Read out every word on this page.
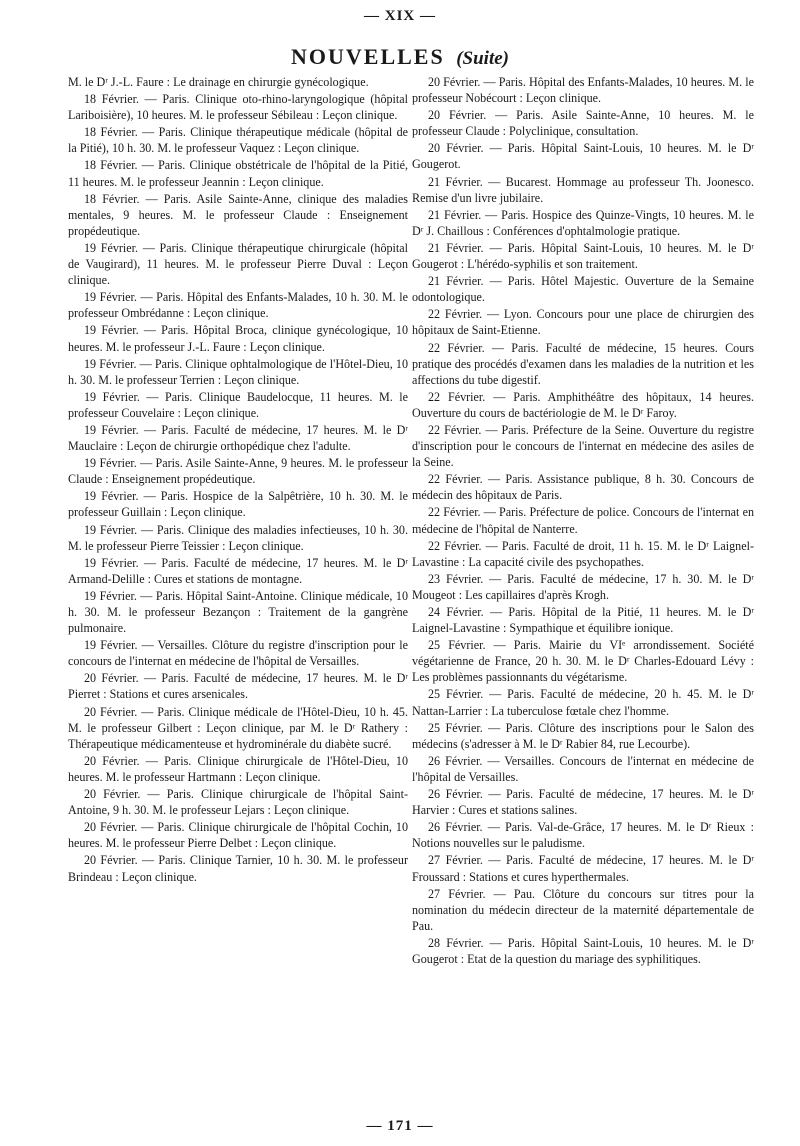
— XIX —
NOUVELLES (Suite)

M. le Dʳ J.-L. Faure : Le drainage en chirurgie gynécologique.

18 Février. — Paris. Clinique oto-rhino-laryngologique (hôpital Lariboisière), 10 heures. M. le professeur Sébileau : Leçon clinique.

18 Février. — Paris. Clinique thérapeutique médicale (hôpital de la Pitié), 10 h. 30. M. le professeur Vaquez : Leçon clinique.

18 Février. — Paris. Clinique obstétricale de l'hôpital de la Pitié, 11 heures. M. le professeur Jeannin : Leçon clinique.

18 Février. — Paris. Asile Sainte-Anne, clinique des maladies mentales, 9 heures. M. le professeur Claude : Enseignement propédeutique.

19 Février. — Paris. Clinique thérapeutique chirurgicale (hôpital de Vaugirard), 11 heures. M. le professeur Pierre Duval : Leçon clinique.

19 Février. — Paris. Hôpital des Enfants-Malades, 10 h. 30. M. le professeur Ombrédanne : Leçon clinique.

19 Février. — Paris. Hôpital Broca, clinique gynécologique, 10 heures. M. le professeur J.-L. Faure : Leçon clinique.

19 Février. — Paris. Clinique ophtalmologique de l'Hôtel-Dieu, 10 h. 30. M. le professeur Terrien : Leçon clinique.

19 Février. — Paris. Clinique Baudelocque, 11 heures. M. le professeur Couvelaire : Leçon clinique.

19 Février. — Paris. Faculté de médecine, 17 heures. M. le Dʳ Mauclaire : Leçon de chirurgie orthopédique chez l'adulte.

19 Février. — Paris. Asile Sainte-Anne, 9 heures. M. le professeur Claude : Enseignement propédeutique.

19 Février. — Paris. Hospice de la Salpêtrière, 10 h. 30. M. le professeur Guillain : Leçon clinique.

19 Février. — Paris. Clinique des maladies infectieuses, 10 h. 30. M. le professeur Pierre Teissier : Leçon clinique.

19 Février. — Paris. Faculté de médecine, 17 heures. M. le Dʳ Armand-Delille : Cures et stations de montagne.

19 Février. — Paris. Hôpital Saint-Antoine. Clinique médicale, 10 h. 30. M. le professeur Bezançon : Traitement de la gangrène pulmonaire.

19 Février. — Versailles. Clôture du registre d'inscription pour le concours de l'internat en médecine de l'hôpital de Versailles.

20 Février. — Paris. Faculté de médecine, 17 heures. M. le Dʳ Pierret : Stations et cures arsenicales.

20 Février. — Paris. Clinique médicale de l'Hôtel-Dieu, 10 h. 45. M. le professeur Gilbert : Leçon clinique, par M. le Dʳ Rathery : Thérapeutique médicamenteuse et hydrominérale du diabète sucré.

20 Février. — Paris. Clinique chirurgicale de l'Hôtel-Dieu, 10 heures. M. le professeur Hartmann : Leçon clinique.

20 Février. — Paris. Clinique chirurgicale de l'hôpital Saint-Antoine, 9 h. 30. M. le professeur Lejars : Leçon clinique.

20 Février. — Paris. Clinique chirurgicale de l'hôpital Cochin, 10 heures. M. le professeur Pierre Delbet : Leçon clinique.

20 Février. — Paris. Clinique Tarnier, 10 h. 30. M. le professeur Brindeau : Leçon clinique.

20 Février. — Paris. Hôpital des Enfants-Malades, 10 heures. M. le professeur Nobécourt : Leçon clinique.

20 Février. — Paris. Asile Sainte-Anne, 10 heures. M. le professeur Claude : Polyclinique, consultation.

20 Février. — Paris. Hôpital Saint-Louis, 10 heures. M. le Dʳ Gougerot.

21 Février. — Bucarest. Hommage au professeur Th. Joonesco. Remise d'un livre jubilaire.

21 Février. — Paris. Hospice des Quinze-Vingts, 10 heures. M. le Dʳ J. Chaillous : Conférences d'ophtalmologie pratique.

21 Février. — Paris. Hôpital Saint-Louis, 10 heures. M. le Dʳ Gougerot : L'hérédo-syphilis et son traitement.

21 Février. — Paris. Hôtel Majestic. Ouverture de la Semaine odontologique.

22 Février. — Lyon. Concours pour une place de chirurgien des hôpitaux de Saint-Etienne.

22 Février. — Paris. Faculté de médecine, 15 heures. Cours pratique des procédés d'examen dans les maladies de la nutrition et les affections du tube digestif.

22 Février. — Paris. Amphithéâtre des hôpitaux, 14 heures. Ouverture du cours de bactériologie de M. le Dʳ Faroy.

22 Février. — Paris. Préfecture de la Seine. Ouverture du registre d'inscription pour le concours de l'internat en médecine des asiles de la Seine.

22 Février. — Paris. Assistance publique, 8 h. 30. Concours de médecin des hôpitaux de Paris.

22 Février. — Paris. Préfecture de police. Concours de l'internat en médecine de l'hôpital de Nanterre.

22 Février. — Paris. Faculté de droit, 11 h. 15. M. le Dʳ Laignel-Lavastine : La capacité civile des psychopathes.

23 Février. — Paris. Faculté de médecine, 17 h. 30. M. le Dʳ Mougeot : Les capillaires d'après Krogh.

24 Février. — Paris. Hôpital de la Pitié, 11 heures. M. le Dʳ Laignel-Lavastine : Sympathique et équilibre ionique.

25 Février. — Paris. Mairie du VIᵉ arrondissement. Société végétarienne de France, 20 h. 30. M. le Dʳ Charles-Edouard Lévy : Les problèmes passionnants du végétarisme.

25 Février. — Paris. Faculté de médecine, 20 h. 45. M. le Dʳ Nattan-Larrier : La tuberculose fœtale chez l'homme.

25 Février. — Paris. Clôture des inscriptions pour le Salon des médecins (s'adresser à M. le Dʳ Rabier 84, rue Lecourbe).

26 Février. — Versailles. Concours de l'internat en médecine de l'hôpital de Versailles.

26 Février. — Paris. Faculté de médecine, 17 heures. M. le Dʳ Harvier : Cures et stations salines.

26 Février. — Paris. Val-de-Grâce, 17 heures. M. le Dʳ Rieux : Notions nouvelles sur le paludisme.

27 Février. — Paris. Faculté de médecine, 17 heures. M. le Dʳ Froussard : Stations et cures hyperthermales.

27 Février. — Pau. Clôture du concours sur titres pour la nomination du médecin directeur de la maternité départementale de Pau.

28 Février. — Paris. Hôpital Saint-Louis, 10 heures. M. le Dʳ Gougerot : Etat de la question du mariage des syphilitiques.

— 171 —
